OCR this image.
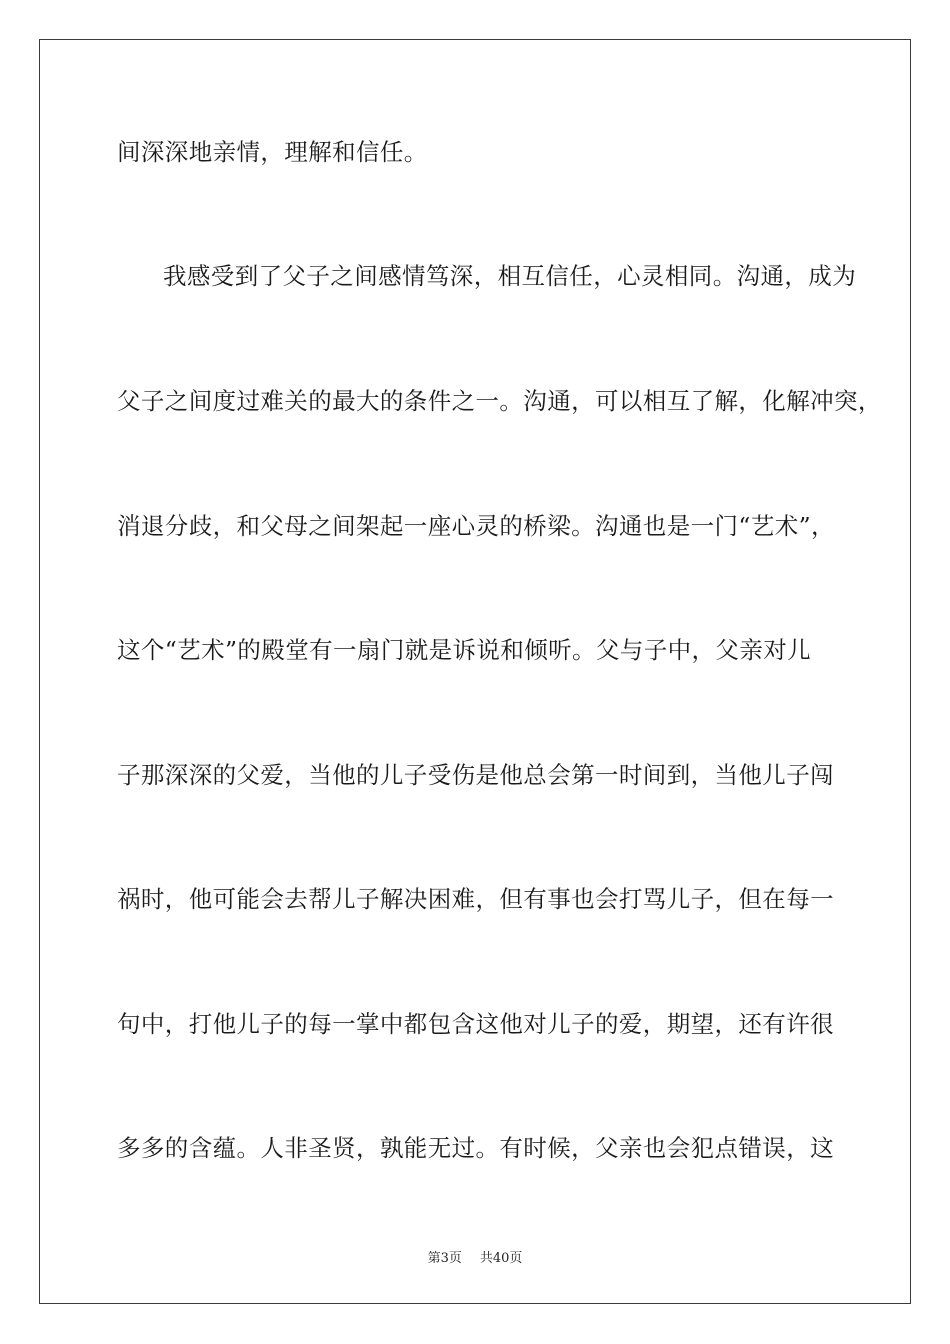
间深深地亲情，理解和信任。
我感受到了父子之间感情笃深，相互信任，心灵相同。沟通，成为
父子之间度过难关的最大的条件之一。沟通，可以相互了解，化解冲突，
消退分歧，和父母之间架起一座心灵的桥梁。沟通也是一门“艺术”，
这个“艺术”的殿堂有一扇门就是诉说和倾听。父与子中，父亲对儿
子那深深的父爱，当他的儿子受伤是他总会第一时间到，当他儿子闯
祸时，他可能会去帮儿子解决困难，但有事也会打骂儿子，但在每一
句中，打他儿子的每一掌中都包含这他对儿子的爱，期望，还有许很
多多的含蕴。人非圣贤，孰能无过。有时候，父亲也会犯点错误，这
第3页 共40页
